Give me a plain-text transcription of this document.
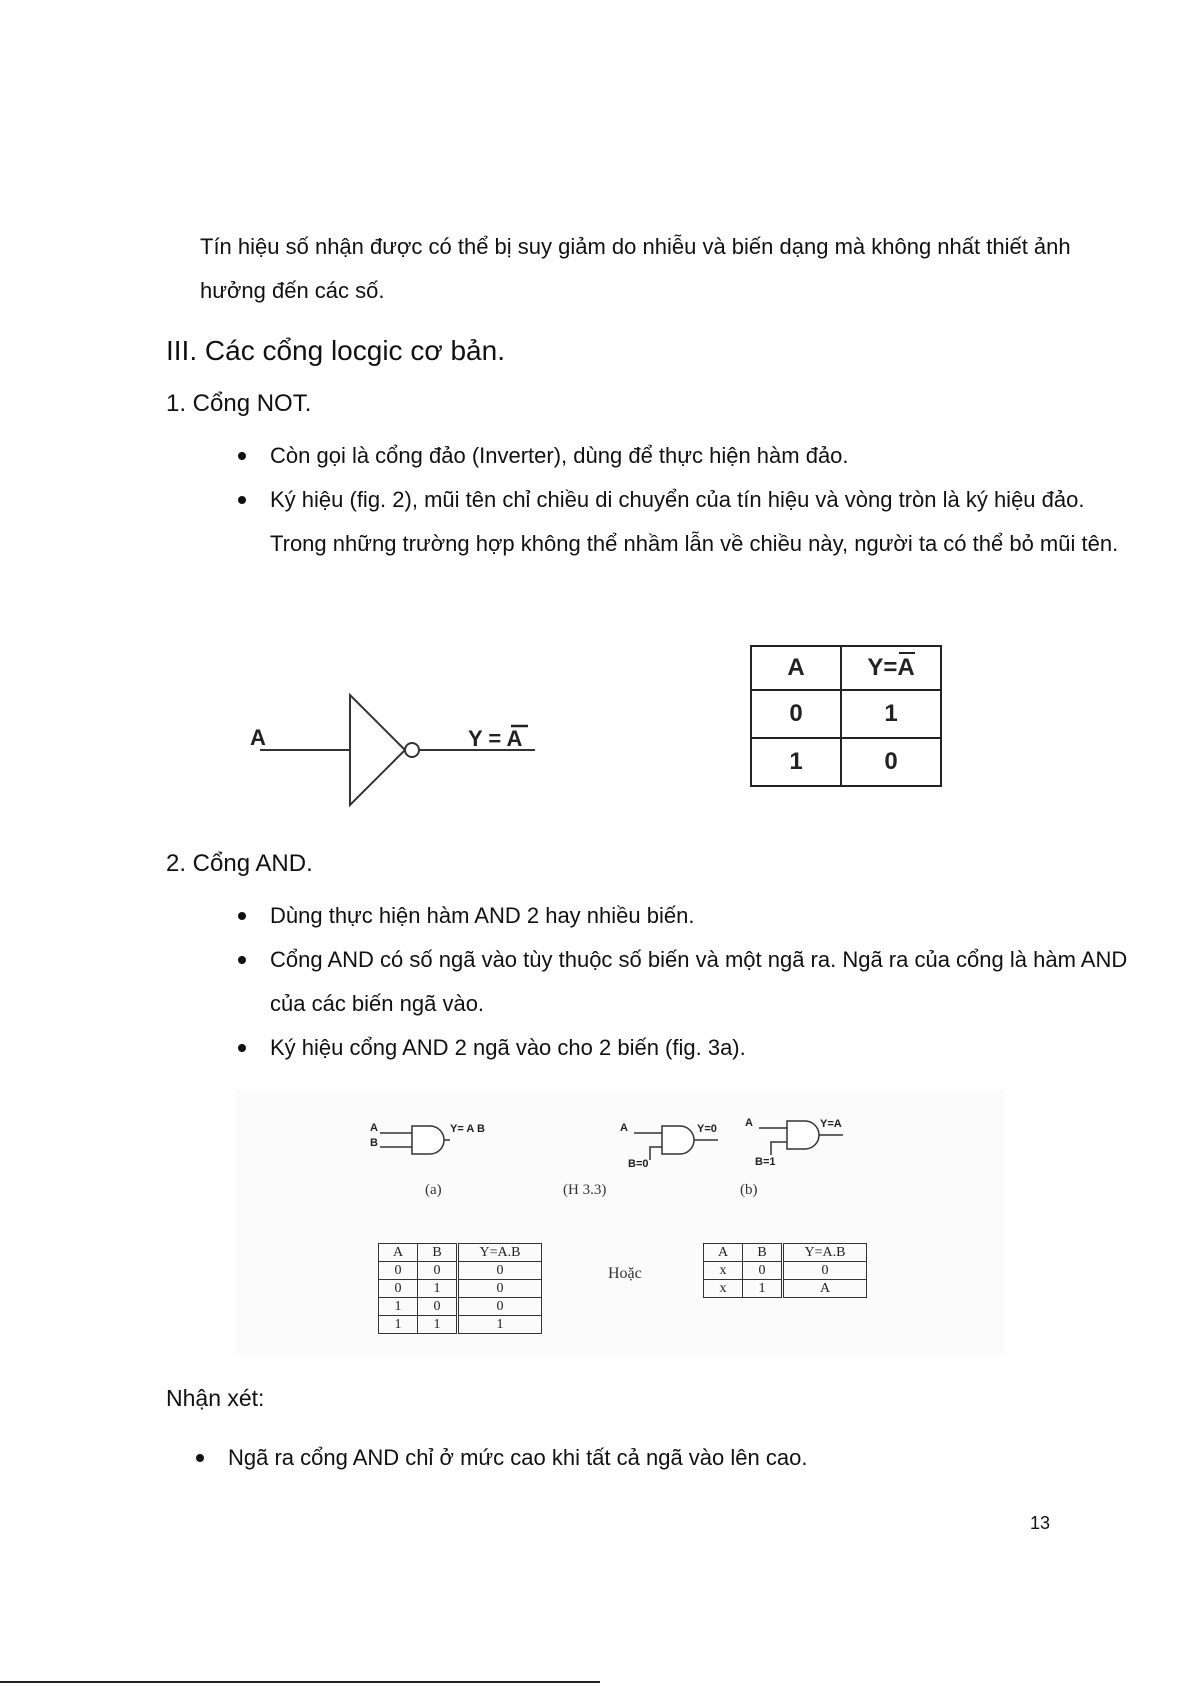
Tín hiệu số nhận được có thể bị suy giảm do nhiễu và biến dạng mà không nhất thiết ảnh hưởng đến các số.
III. Các cổng locgic cơ bản.
1. Cổng NOT.
Còn gọi là cổng đảo (Inverter), dùng để thực hiện hàm đảo.
Ký hiệu (fig. 2), mũi tên chỉ chiều di chuyển của tín hiệu và vòng tròn là ký hiệu đảo. Trong những trường hợp không thể nhầm lẫn về chiều này, người ta có thể bỏ mũi tên.
A	Y = A
A	Y=A

0	1
1	0
2. Cổng AND.
Dùng thực hiện hàm AND 2 hay nhiều biến.
Cổng AND có số ngã vào tùy thuộc số biến và một ngã ra. Ngã ra của cổng là hàm AND của các biến ngã vào.
Ký hiệu cổng AND 2 ngã vào cho 2 biến (fig. 3a).
A
B
Y= A B	A
B=0
Y=0	A
B=1
Y=A
(a)	(H 3.3)	(b)
A	B	Y=A.B
0	0	0
0	1	0
1	0	0
1	1	1
Hoặc
A	B	Y=A.B
x	0	0
x	1	A
Nhận xét:
Ngã ra cổng AND chỉ ở mức cao khi tất cả ngã vào lên cao.
13
